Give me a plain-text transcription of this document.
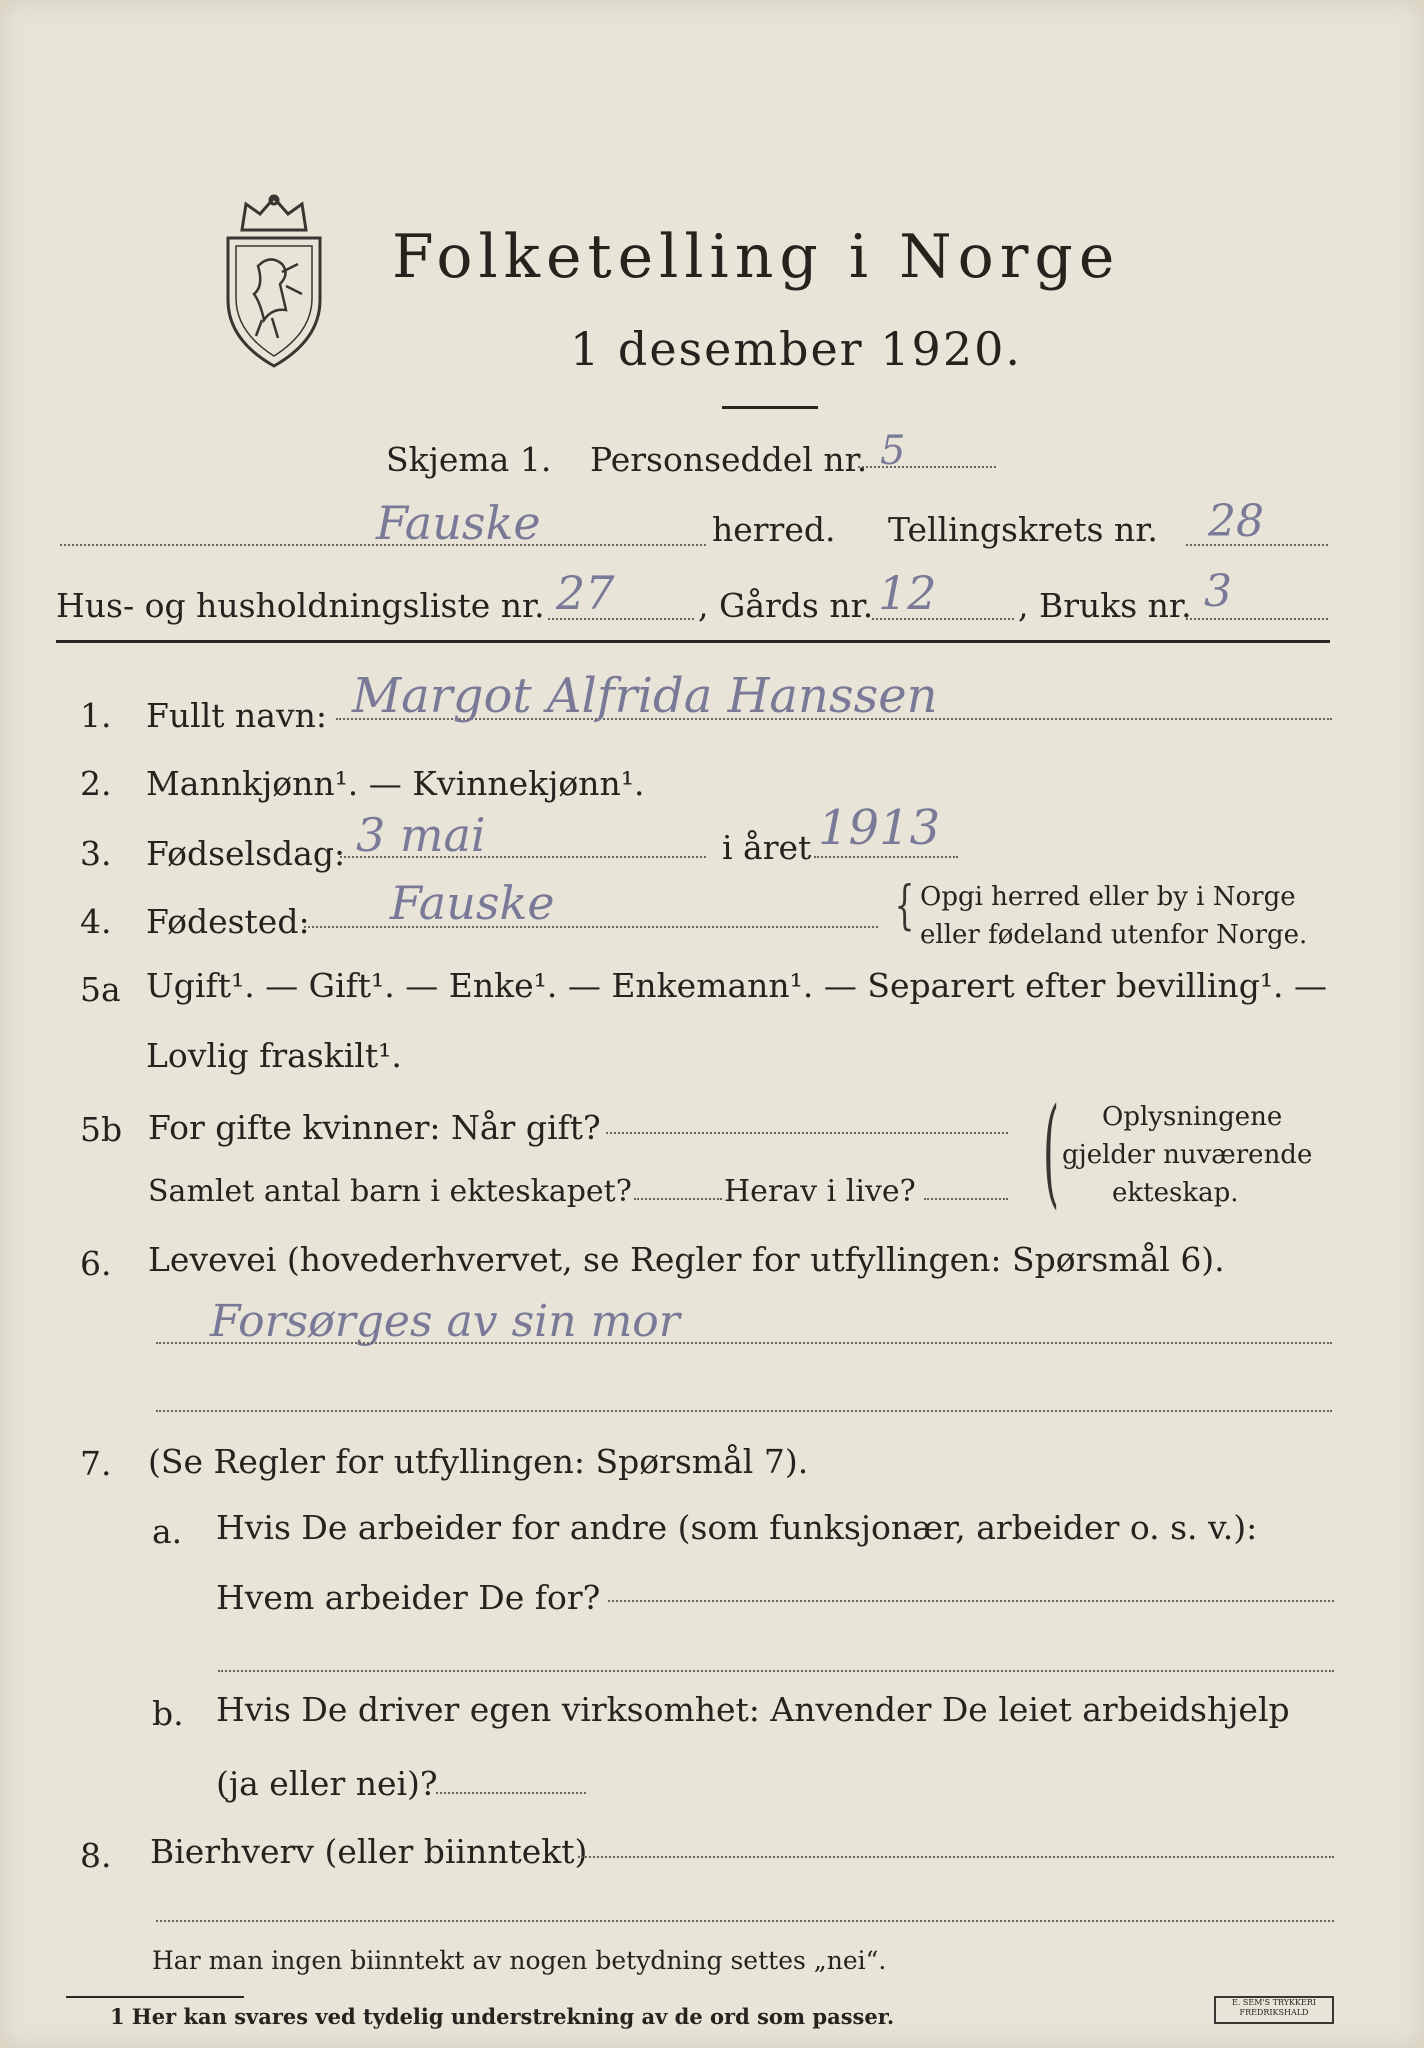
Folketelling i Norge
1 desember 1920.
Skjema 1. Personseddel nr. 5
Fauske	herred. Tellingskrets nr. 28
Hus- og husholdningsliste nr. 27	, Gårds nr. 12 , Bruks nr. 3
1. Fullt navn: Margot Alfrida Hanssen
2. Mannkjønn¹. — Kvinnekjønn¹.
3. Fødselsdag: 3 mai	i året 1913
4. Fødested: Fauske	{ Opgi herred eller by i Norge
eller fødeland utenfor Norge.
5a Ugift¹. — Gift¹. — Enke¹. — Enkemann¹. — Separert efter bevilling¹. —
Lovlig fraskilt¹.
5b For gifte kvinner: Når gift?
Samlet antal barn i ekteskapet?	Herav i live? ( Oplysningene
gjelder nuværende
ekteskap.
6. Levevei (hovederhvervet, se Regler for utfyllingen: Spørsmål 6).
Forsørges av sin mor
7. (Se Regler for utfyllingen: Spørsmål 7).
a. Hvis De arbeider for andre (som funksjonær, arbeider o. s. v.):
Hvem arbeider De for?
b. Hvis De driver egen virksomhet: Anvender De leiet arbeidshjelp
(ja eller nei)?
8. Bierhverv (eller biinntekt)
Har man ingen biinntekt av nogen betydning settes „nei“.
1 Her kan svares ved tydelig understrekning av de ord som passer.
E. SEM'S TRYKKERI FREDRIKSHALD
